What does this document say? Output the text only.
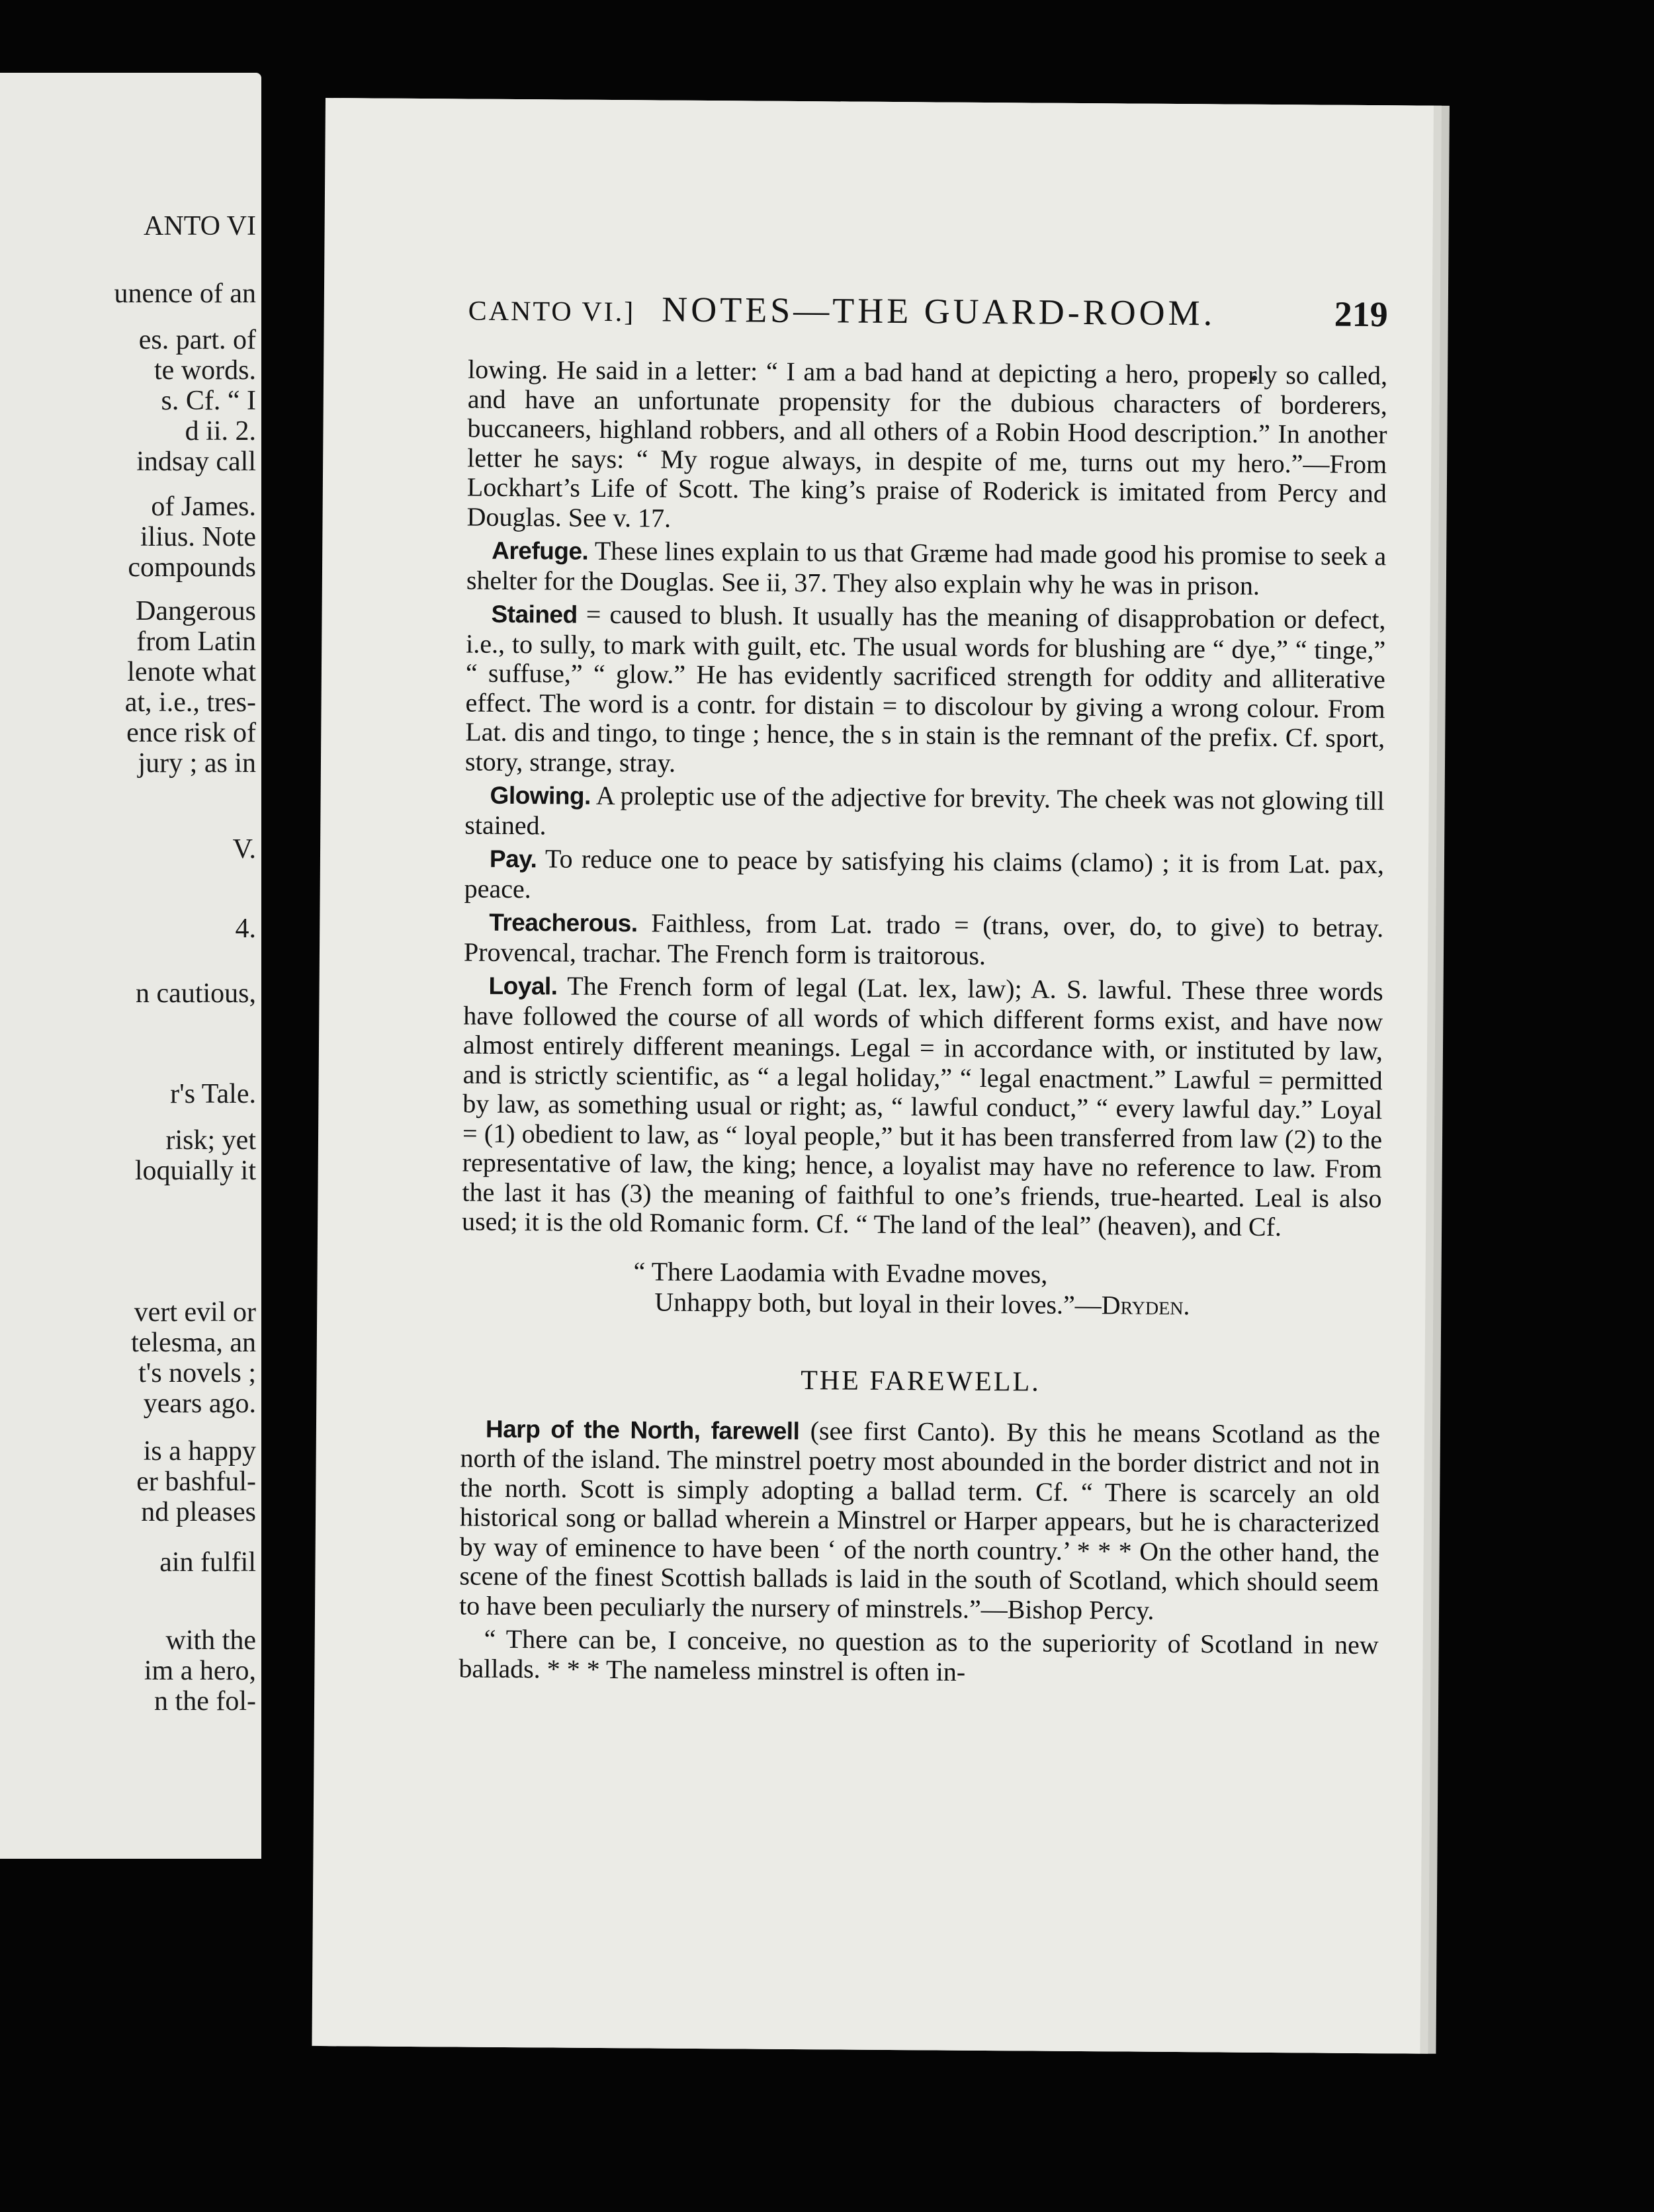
ANTO VI
unence of an
es. part. of
te words.
s. Cf. “ I
d ii. 2.
indsay call
of James.
ilius. Note
compounds
Dangerous
from Latin
lenote what
at, i.e., tres-
ence risk of
jury ; as in
V.
4.
n cautious,
r's Tale.
risk; yet
loquially it
vert evil or
telesma, an
t's novels ;
years ago.
is a happy
er bashful-
nd pleases
ain fulfil
with the
im a hero,
n the fol-
CANTO VI.] NOTES—THE GUARD-ROOM.	219

lowing. He said in a letter: “ I am a bad hand at depicting a hero, properly so called, and have an unfortunate propensity for the dubious characters of borderers, buccaneers, highland robbers, and all others of a Robin Hood description.” In another letter he says: “ My rogue always, in despite of me, turns out my hero.”—From Lockhart’s Life of Scott. The king’s praise of Roderick is imitated from Percy and Douglas. See v. 17.

Arefuge. These lines explain to us that Græme had made good his promise to seek a shelter for the Douglas. See ii, 37. They also explain why he was in prison.

Stained = caused to blush. It usually has the meaning of disapprobation or defect, i.e., to sully, to mark with guilt, etc. The usual words for blushing are “ dye,” “ tinge,” “ suffuse,” “ glow.” He has evidently sacrificed strength for oddity and alliterative effect. The word is a contr. for distain = to discolour by giving a wrong colour. From Lat. dis and tingo, to tinge ; hence, the s in stain is the remnant of the prefix. Cf. sport, story, strange, stray.

Glowing. A proleptic use of the adjective for brevity. The cheek was not glowing till stained.

Pay. To reduce one to peace by satisfying his claims (clamo) ; it is from Lat. pax, peace.

Treacherous. Faithless, from Lat. trado = (trans, over, do, to give) to betray. Provencal, trachar. The French form is traitorous.

Loyal. The French form of legal (Lat. lex, law); A. S. lawful. These three words have followed the course of all words of which different forms exist, and have now almost entirely different meanings. Legal = in accordance with, or instituted by law, and is strictly scientific, as “ a legal holiday,” “ legal enactment.” Lawful = permitted by law, as something usual or right; as, “ lawful conduct,” “ every lawful day.” Loyal = (1) obedient to law, as “ loyal people,” but it has been transferred from law (2) to the representative of law, the king; hence, a loyalist may have no reference to law. From the last it has (3) the meaning of faithful to one’s friends, true-hearted. Leal is also used; it is the old Romanic form. Cf. “ The land of the leal” (heaven), and Cf.

“ There Laodamia with Evadne moves,
Unhappy both, but loyal in their loves.”—Dryden.
THE FAREWELL.

Harp of the North, farewell (see first Canto). By this he means Scotland as the north of the island. The minstrel poetry most abounded in the border district and not in the north. Scott is simply adopting a ballad term. Cf. “ There is scarcely an old historical song or ballad wherein a Minstrel or Harper appears, but he is characterized by way of eminence to have been ‘ of the north country.’ * * * On the other hand, the scene of the finest Scottish ballads is laid in the south of Scotland, which should seem to have been peculiarly the nursery of minstrels.”—Bishop Percy.

“ There can be, I conceive, no question as to the superiority of Scotland in new ballads. * * * The nameless minstrel is often in-
